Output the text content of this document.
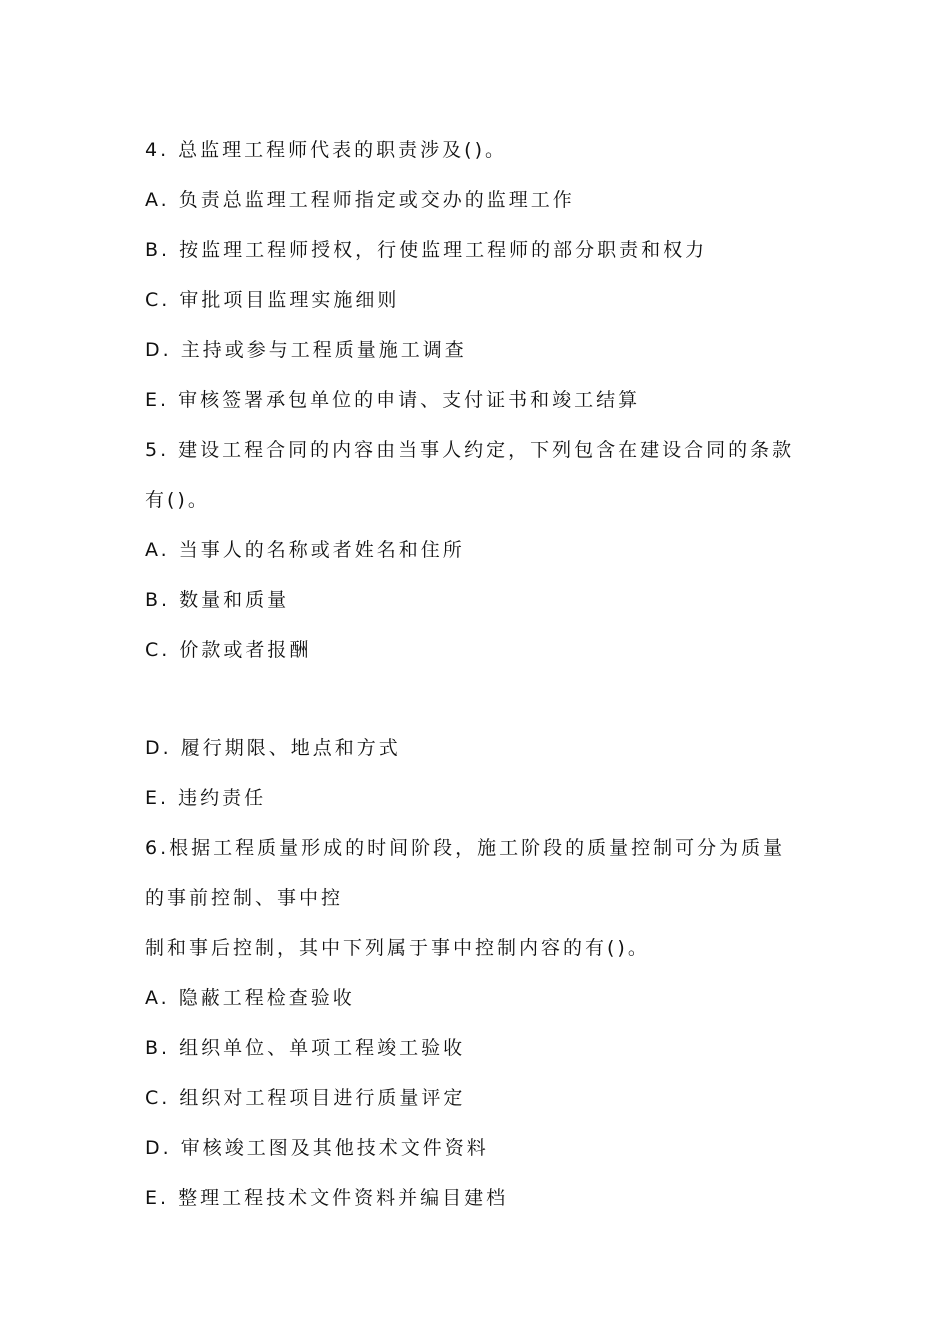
4. 总监理工程师代表的职责涉及()。
A. 负责总监理工程师指定或交办的监理工作
B. 按监理工程师授权，行使监理工程师的部分职责和权力
C. 审批项目监理实施细则
D. 主持或参与工程质量施工调查
E. 审核签署承包单位的申请、支付证书和竣工结算
5. 建设工程合同的内容由当事人约定，下列包含在建设合同的条款
有()。
A. 当事人的名称或者姓名和住所
B. 数量和质量
C. 价款或者报酬
D. 履行期限、地点和方式
E. 违约责任
6.根据工程质量形成的时间阶段，施工阶段的质量控制可分为质量
的事前控制、事中控
制和事后控制，其中下列属于事中控制内容的有()。
A. 隐蔽工程检查验收
B. 组织单位、单项工程竣工验收
C. 组织对工程项目进行质量评定
D. 审核竣工图及其他技术文件资料
E. 整理工程技术文件资料并编目建档
